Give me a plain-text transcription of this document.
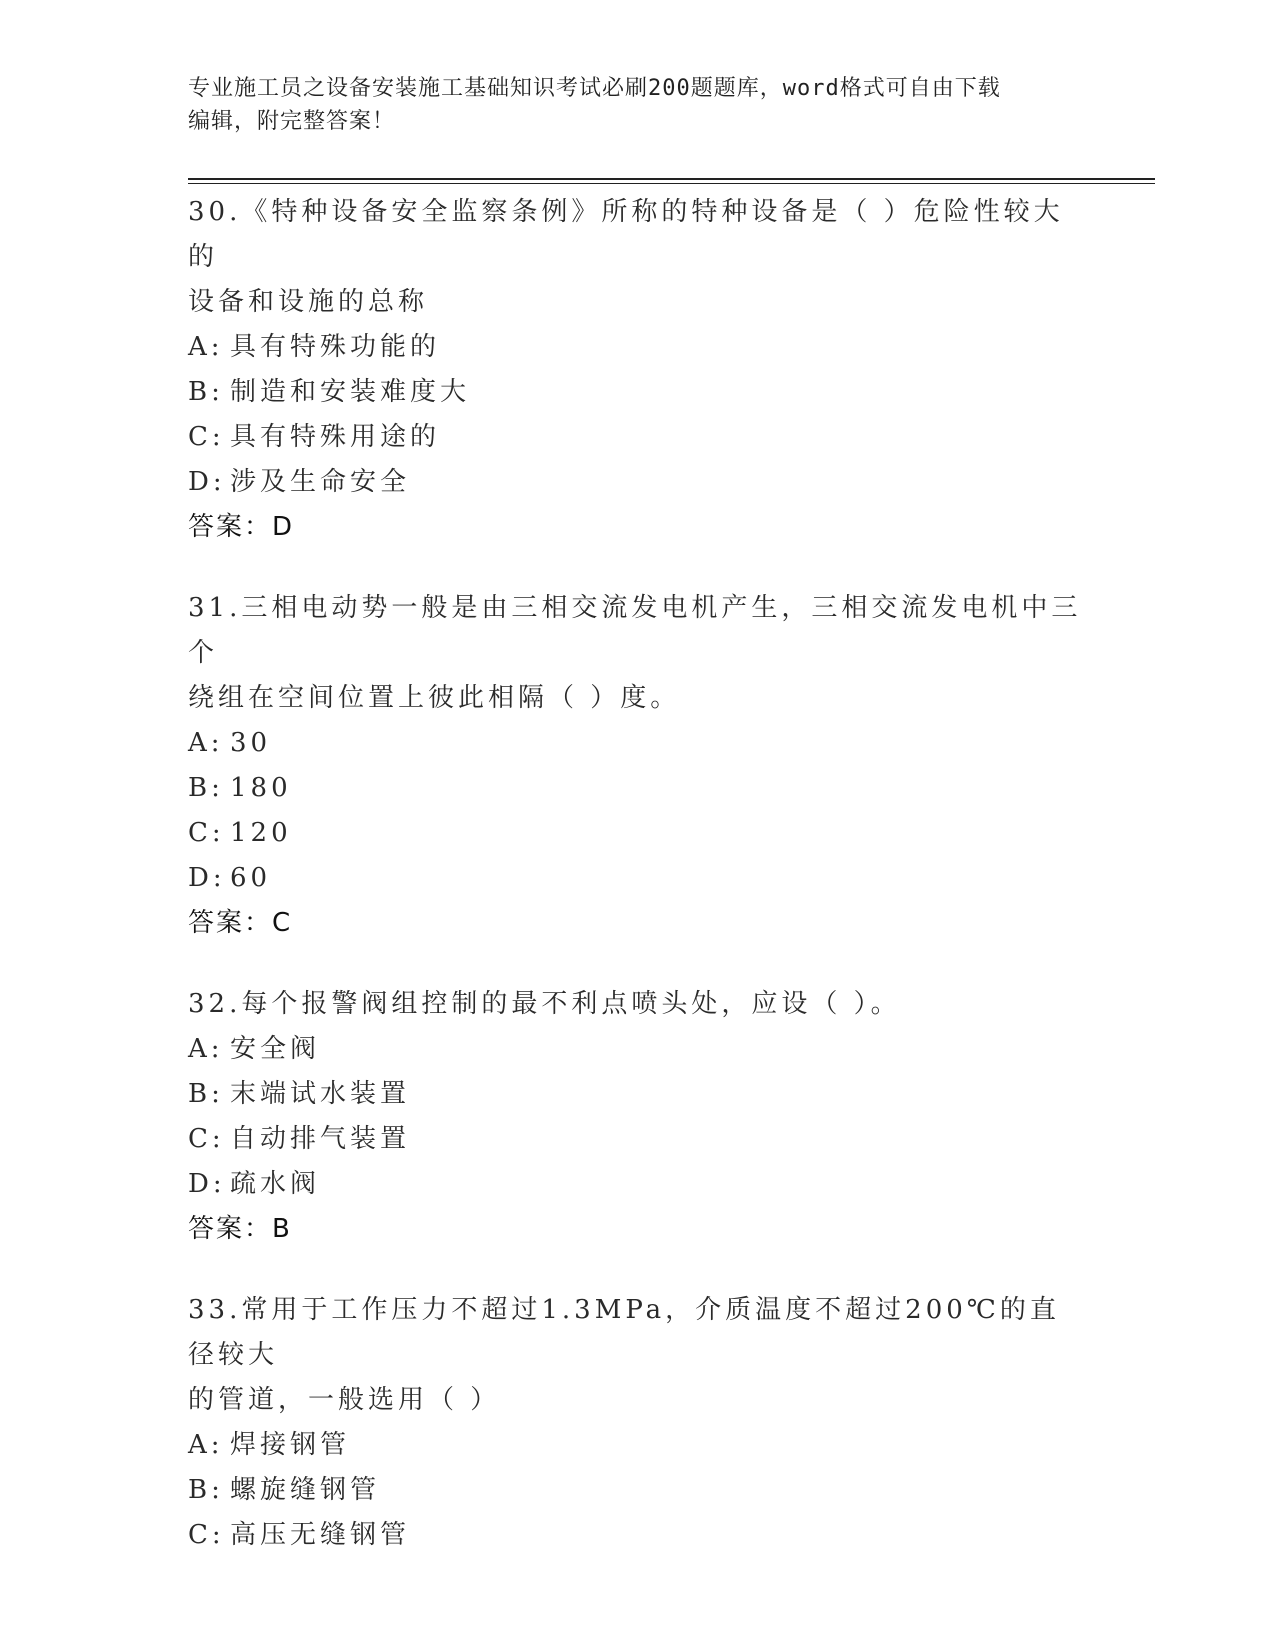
专业施工员之设备安装施工基础知识考试必刷200题题库，word格式可自由下载
编辑，附完整答案！

30.《特种设备安全监察条例》所称的特种设备是（ ）危险性较大的

设备和设施的总称

A: 具有特殊功能的

B: 制造和安装难度大

C: 具有特殊用途的

D: 涉及生命安全

答案：D

31.三相电动势一般是由三相交流发电机产生，三相交流发电机中三个

绕组在空间位置上彼此相隔（ ）度。

A: 30

B: 180

C: 120

D: 60

答案：C

32.每个报警阀组控制的最不利点喷头处，应设（ ）。

A: 安全阀

B: 末端试水装置

C: 自动排气装置

D: 疏水阀

答案：B

33.常用于工作压力不超过1.3MPa，介质温度不超过200℃的直径较大

的管道，一般选用（ ）

A: 焊接钢管

B: 螺旋缝钢管

C: 高压无缝钢管
